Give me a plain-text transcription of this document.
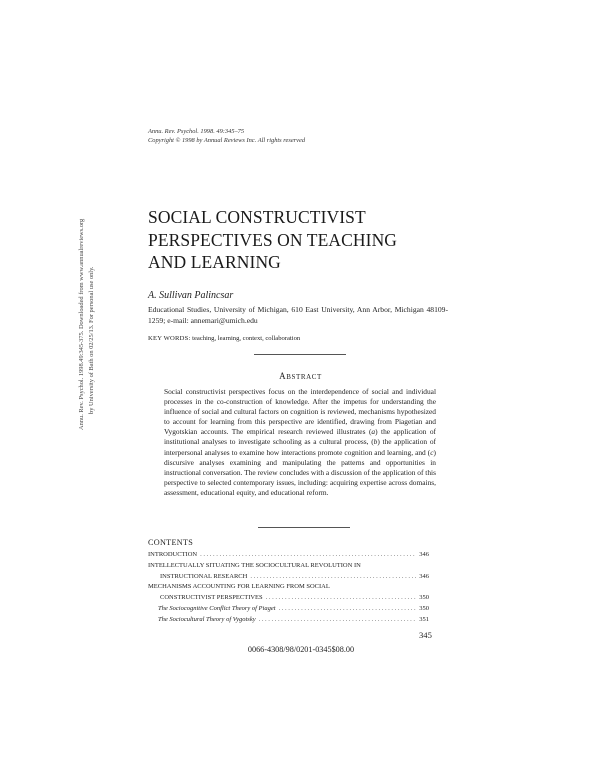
Annu. Rev. Psychol. 1998. 49:345–75
Copyright © 1998 by Annual Reviews Inc. All rights reserved
Annu. Rev. Psychol. 1998.49:345-375. Downloaded from www.annualreviews.org by University of Bath on 02/25/13. For personal use only.
SOCIAL CONSTRUCTIVIST
PERSPECTIVES ON TEACHING
AND LEARNING
A. Sullivan Palincsar
Educational Studies, University of Michigan, 610 East University, Ann Arbor, Michigan 48109-1259; e-mail: annemari@umich.edu
KEY WORDS: teaching, learning, context, collaboration
ABSTRACT
Social constructivist perspectives focus on the interdependence of social and individual processes in the co-construction of knowledge. After the impetus for understanding the influence of social and cultural factors on cognition is reviewed, mechanisms hypothesized to account for learning from this perspective are identified, drawing from Piagetian and Vygotskian accounts. The empirical research reviewed illustrates (a) the application of institutional analyses to investigate schooling as a cultural process, (b) the application of interpersonal analyses to examine how interactions promote cognition and learning, and (c) discursive analyses examining and manipulating the patterns and opportunities in instructional conversation. The review concludes with a discussion of the application of this perspective to selected contemporary issues, including: acquiring expertise across domains, assessment, educational equity, and educational reform.
CONTENTS
INTRODUCTION .....	346
INTELLECTUALLY SITUATING THE SOCIOCULTURAL REVOLUTION IN
INSTRUCTIONAL RESEARCH .....	346
MECHANISMS ACCOUNTING FOR LEARNING FROM SOCIAL
CONSTRUCTIVIST PERSPECTIVES .....	350
The Sociocognitive Conflict Theory of Piaget .....	350
The Sociocultural Theory of Vygotsky .....	351
345
0066-4308/98/0201-0345$08.00
